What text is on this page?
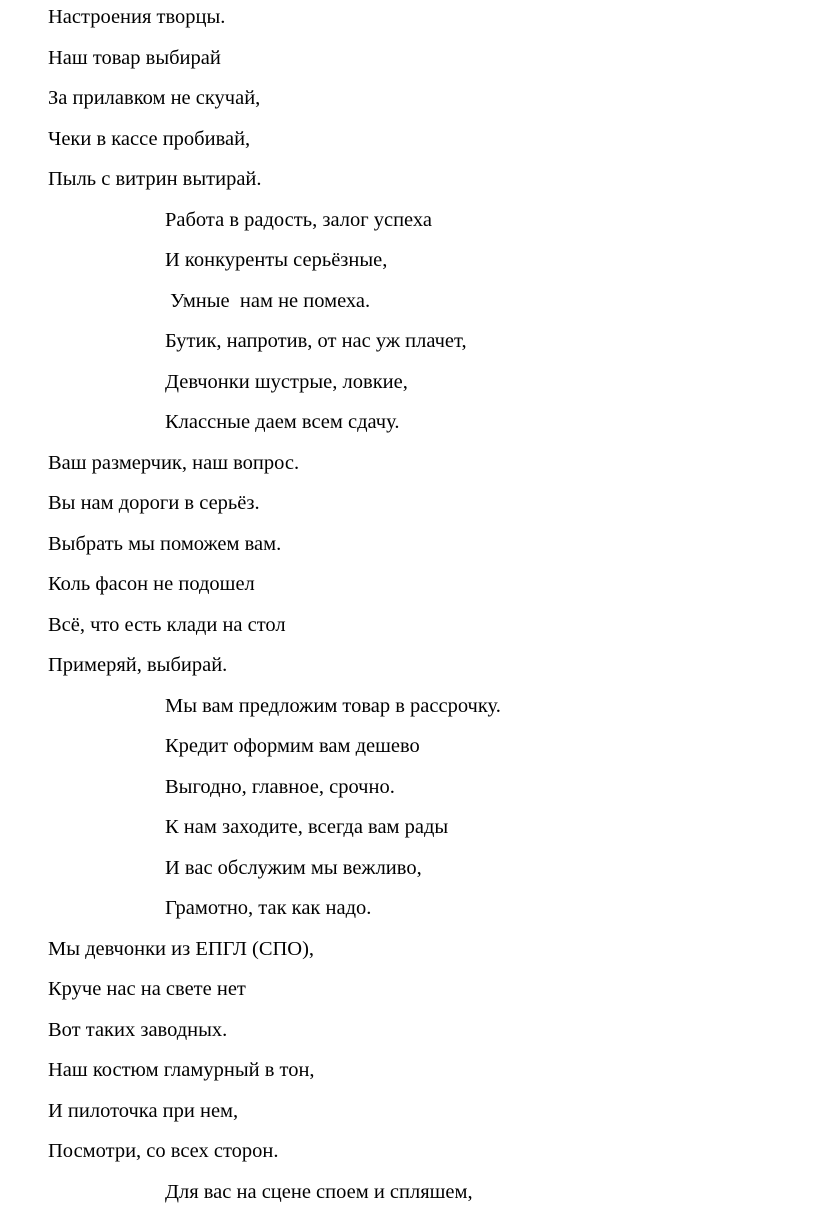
Настроения творцы.

Наш товар выбирай

За прилавком не скучай,

Чеки в кассе пробивай,

Пыль с витрин вытирай.

Работа в радость, залог успеха

И конкуренты серьёзные,

Умные  нам не помеха.

Бутик, напротив, от нас уж плачет,

Девчонки шустрые, ловкие,

Классные даем всем сдачу.

Ваш размерчик, наш вопрос.

Вы нам дороги в серьёз.

Выбрать мы поможем вам.

Коль фасон не подошел

Всё, что есть клади на стол

Примеряй, выбирай.

Мы вам предложим товар в рассрочку.

Кредит оформим вам дешево

Выгодно, главное, срочно.

К нам заходите, всегда вам рады

И вас обслужим мы вежливо,

Грамотно, так как надо.

Мы девчонки из ЕПГЛ (СПО),

Круче нас на свете нет

Вот таких заводных.

Наш костюм гламурный в тон,

И пилоточка при нем,

Посмотри, со всех сторон.

Для вас на сцене споем и спляшем,
